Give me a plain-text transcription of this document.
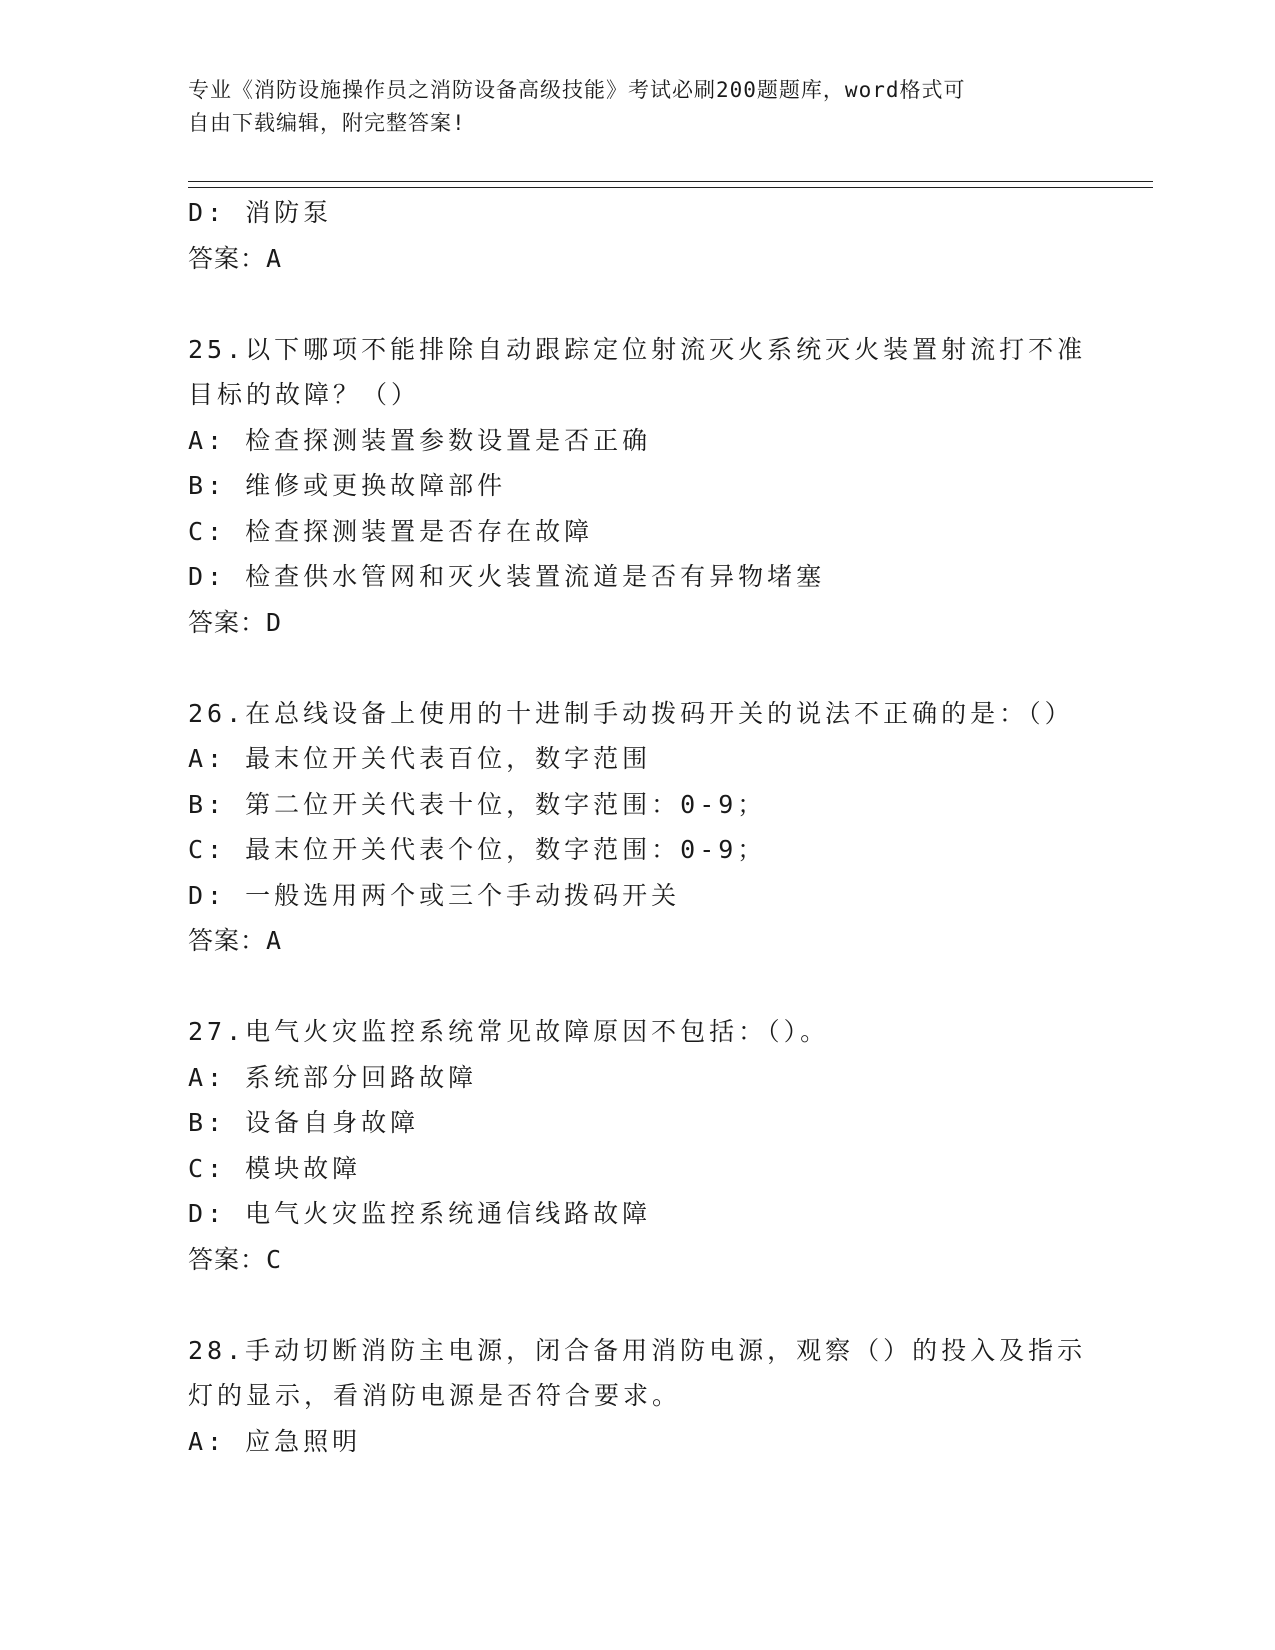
专业《消防设施操作员之消防设备高级技能》考试必刷200题题库，word格式可
自由下载编辑，附完整答案!
D: 消防泵
答案：A
25.以下哪项不能排除自动跟踪定位射流灭火系统灭火装置射流打不准
目标的故障？（）
A: 检查探测装置参数设置是否正确
B: 维修或更换故障部件
C: 检查探测装置是否存在故障
D: 检查供水管网和灭火装置流道是否有异物堵塞
答案：D
26.在总线设备上使用的十进制手动拨码开关的说法不正确的是：（）
A: 最末位开关代表百位，数字范围
B: 第二位开关代表十位，数字范围：0-9；
C: 最末位开关代表个位，数字范围：0-9；
D: 一般选用两个或三个手动拨码开关
答案：A
27.电气火灾监控系统常见故障原因不包括：（）。
A: 系统部分回路故障
B: 设备自身故障
C: 模块故障
D: 电气火灾监控系统通信线路故障
答案：C
28.手动切断消防主电源，闭合备用消防电源，观察（）的投入及指示
灯的显示，看消防电源是否符合要求。
A: 应急照明
